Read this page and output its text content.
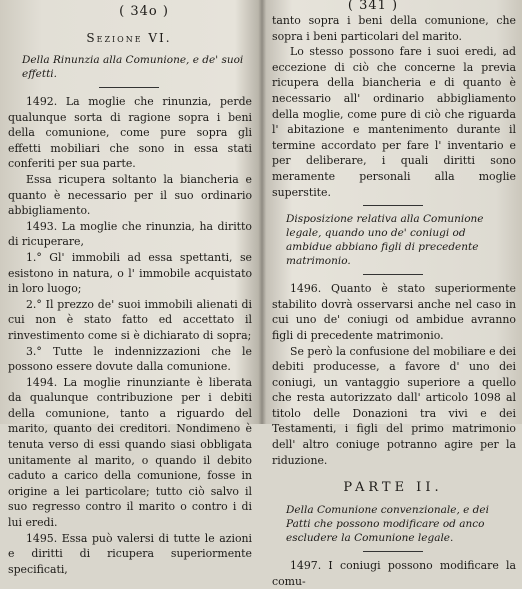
( 34o )
Sezione VI.

Della Rinunzia alla Comunione, e de' suoi effetti.

1492. La moglie che rinunzia, perde qualunque sorta di ragione sopra i beni della comunione, come pure sopra gli effetti mobiliari che sono in essa stati conferiti per sua parte.

Essa ricupera soltanto la biancheria e quanto è necessario per il suo ordinario abbigliamento.

1493. La moglie che rinunzia, ha diritto di ricuperare,

1.° Gl' immobili ad essa spettanti, se esistono in natura, o l' immobile acquistato in loro luogo;

2.° Il prezzo de' suoi immobili alienati di cui non è stato fatto ed accettato il rinvestimento come si è dichiarato di sopra;

3.° Tutte le indennizzazioni che le possono essere dovute dalla comunione.

1494. La moglie rinunziante è liberata da qualunque contribuzione per i debiti della comunione, tanto a riguardo del marito, quanto dei creditori. Nondimeno è tenuta verso di essi quando siasi obbligata unitamente al marito, o quando il debito caduto a carico della comunione, fosse in origine a lei particolare; tutto ciò salvo il suo regresso contro il marito o contro i di lui eredi.

1495. Essa può valersi di tutte le azioni e diritti di ricupera superiormente specificati,

( 341 )

tanto sopra i beni della comunione, che sopra i beni particolari del marito.

Lo stesso possono fare i suoi eredi, ad eccezione di ciò che concerne la previa ricupera della biancheria e di quanto è necessario all' ordinario abbigliamento della moglie, come pure di ciò che riguarda l' abitazione e mantenimento durante il termine accordato per fare l' inventario e per deliberare, i quali diritti sono meramente personali alla moglie superstite.

Disposizione relativa alla Comunione legale, quando uno de' coniugi od ambidue abbiano figli di precedente matrimonio.

1496. Quanto è stato superiormente stabilito dovrà osservarsi anche nel caso in cui uno de' coniugi od ambidue avranno figli di precedente matrimonio.

Se però la confusione del mobiliare e dei debiti producesse, a favore d' uno dei coniugi, un vantaggio superiore a quello che resta autorizzato dall' articolo 1098 al titolo delle Donazioni tra vivi e dei Testamenti, i figli del primo matrimonio dell' altro coniuge potranno agire per la riduzione.

PARTE II.

Della Comunione convenzionale, e dei Patti che possono modificare od anco escludere la Comunione legale.

1497. I coniugi possono modificare la comu-
